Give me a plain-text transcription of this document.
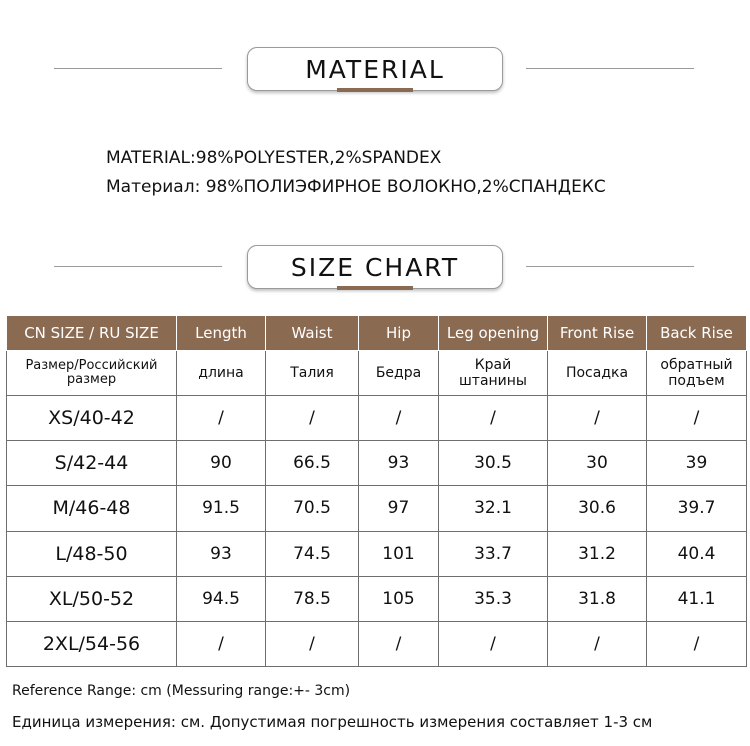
MATERIAL
MATERIAL:98%POLYESTER,2%SPANDEX
Материал: 98%ПОЛИЭФИРНОЕ ВОЛОКНО,2%СПАНДЕКС
SIZE CHART
CN SIZE / RU SIZE	Length	Waist	Hip	Leg opening	Front Rise	Back Rise
Размер/Российский размер	длина	Талия	Бедра	Край штанины	Посадка	обратный подъем
XS/40-42	/	/	/	/	/	/
S/42-44	90	66.5	93	30.5	30	39
M/46-48	91.5	70.5	97	32.1	30.6	39.7
L/48-50	93	74.5	101	33.7	31.2	40.4
XL/50-52	94.5	78.5	105	35.3	31.8	41.1
2XL/54-56	/	/	/	/	/	/
Reference Range: cm (Messuring range:+- 3cm)
Единица измерения: см. Допустимая погрешность измерения составляет 1-3 см
